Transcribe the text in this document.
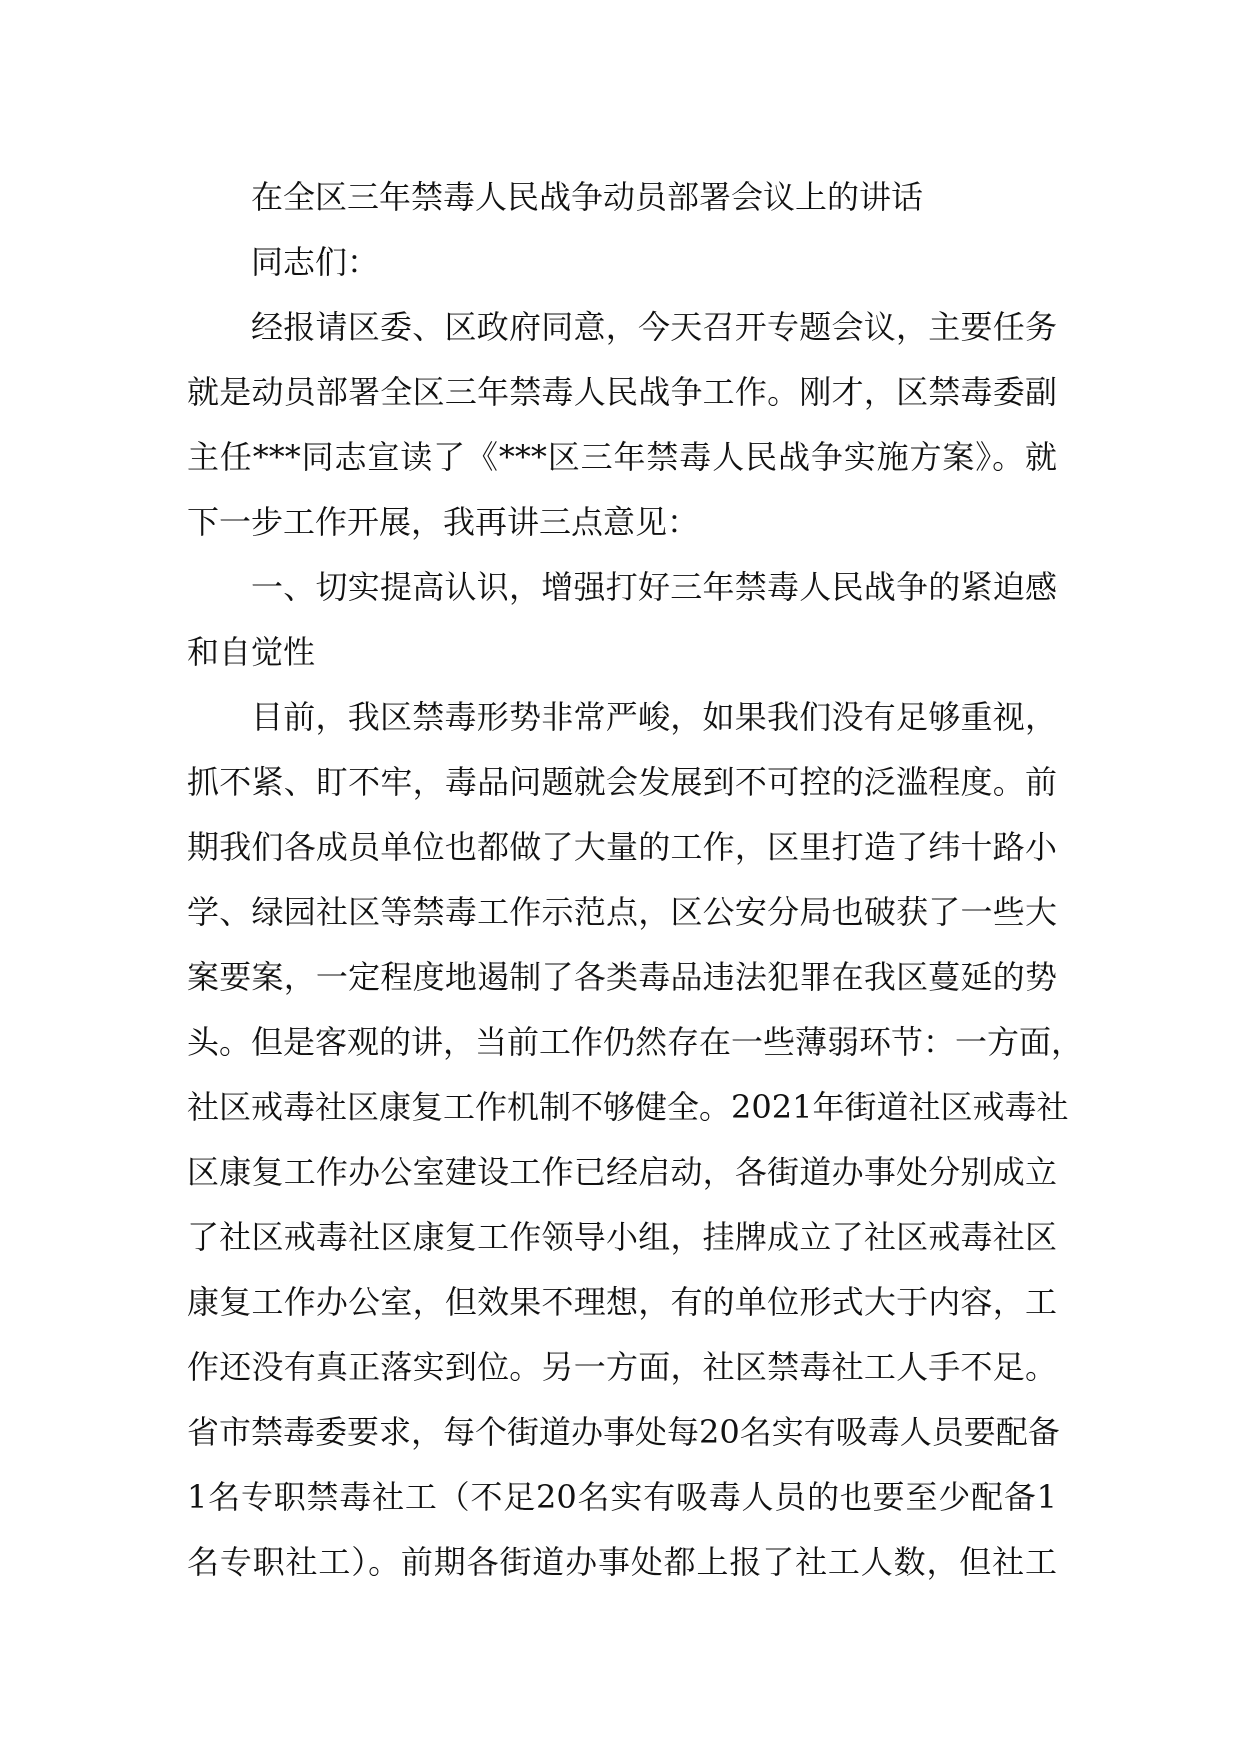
在全区三年禁毒人民战争动员部署会议上的讲话
同志们：
经报请区委、区政府同意，今天召开专题会议，主要任务
就是动员部署全区三年禁毒人民战争工作。刚才，区禁毒委副
主任***同志宣读了《***区三年禁毒人民战争实施方案》。就
下一步工作开展，我再讲三点意见：
一、切实提高认识，增强打好三年禁毒人民战争的紧迫感
和自觉性
目前，我区禁毒形势非常严峻，如果我们没有足够重视，
抓不紧、盯不牢，毒品问题就会发展到不可控的泛滥程度。前
期我们各成员单位也都做了大量的工作，区里打造了纬十路小
学、绿园社区等禁毒工作示范点，区公安分局也破获了一些大
案要案，一定程度地遏制了各类毒品违法犯罪在我区蔓延的势
头。但是客观的讲，当前工作仍然存在一些薄弱环节：一方面，
社区戒毒社区康复工作机制不够健全。2021年街道社区戒毒社
区康复工作办公室建设工作已经启动，各街道办事处分别成立
了社区戒毒社区康复工作领导小组，挂牌成立了社区戒毒社区
康复工作办公室，但效果不理想，有的单位形式大于内容，工
作还没有真正落实到位。另一方面，社区禁毒社工人手不足。
省市禁毒委要求，每个街道办事处每20名实有吸毒人员要配备
1名专职禁毒社工（不足20名实有吸毒人员的也要至少配备1
名专职社工）。前期各街道办事处都上报了社工人数，但社工
